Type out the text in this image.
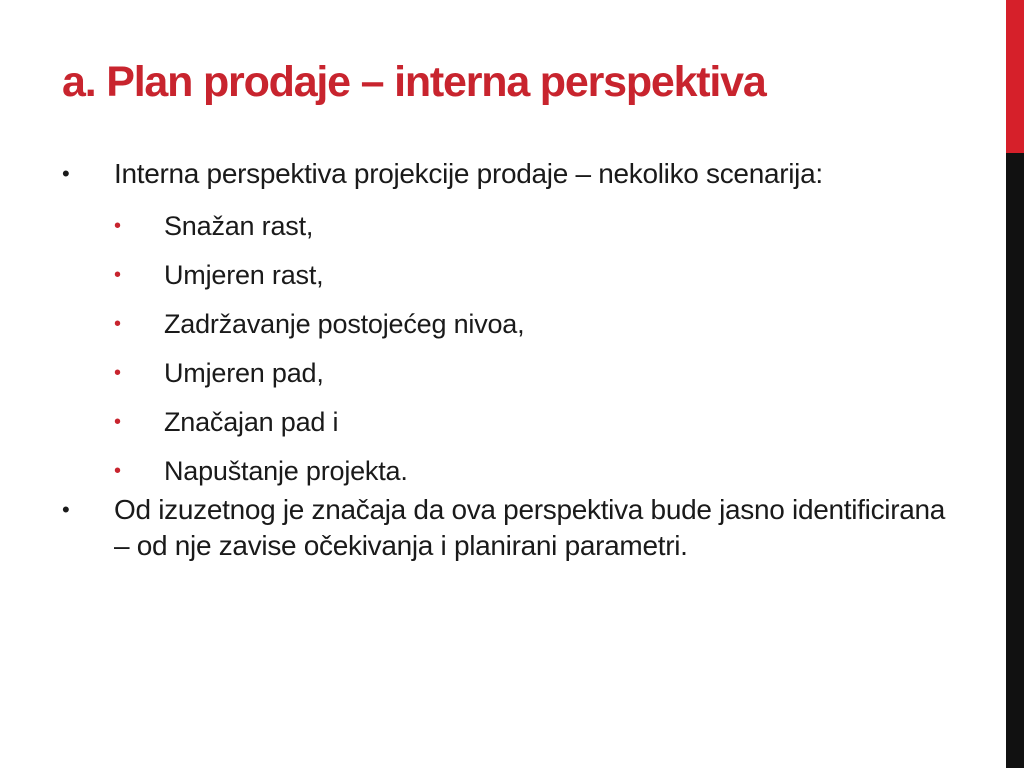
a. Plan prodaje – interna perspektiva
• Interna perspektiva projekcije prodaje – nekoliko scenarija:
• Snažan rast,
• Umjeren rast,
• Zadržavanje postojećeg nivoa,
• Umjeren pad,
• Značajan pad i
• Napuštanje projekta.
• Od izuzetnog je značaja da ova perspektiva bude jasno identificirana – od nje zavise očekivanja i planirani parametri.
